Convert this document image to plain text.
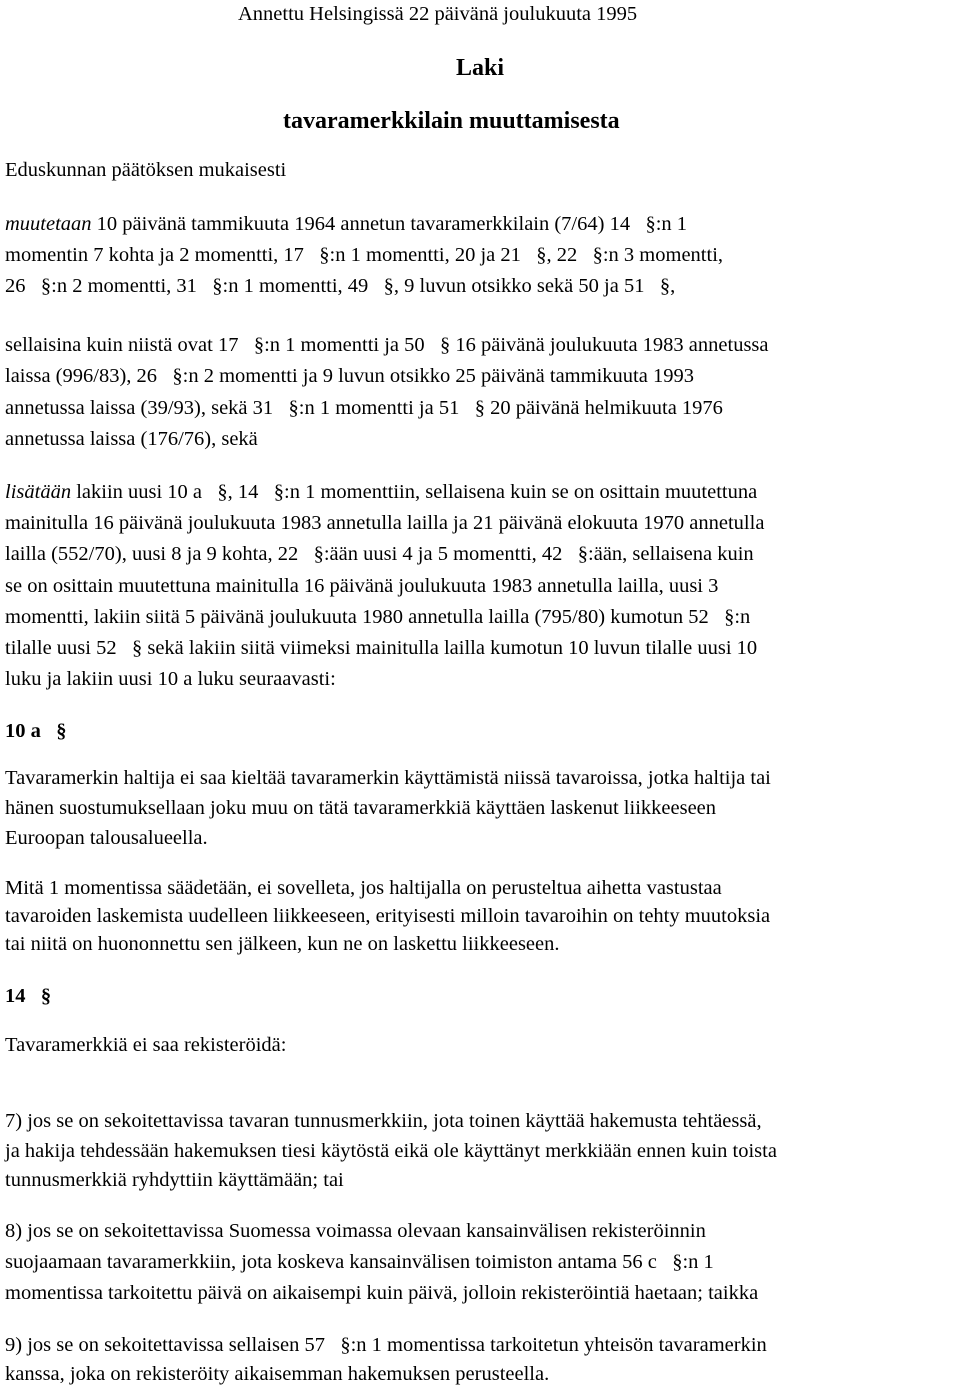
Annettu Helsingissä 22 päivänä joulukuuta 1995

Laki

tavaramerkkilain muuttamisesta

Eduskunnan päätöksen mukaisesti

muutetaan 10 päivänä tammikuuta 1964 annetun tavaramerkkilain (7/64) 14   §:n 1

momentin 7 kohta ja 2 momentti, 17   §:n 1 momentti, 20 ja 21   §, 22   §:n 3 momentti,

26   §:n 2 momentti, 31   §:n 1 momentti, 49   §, 9 luvun otsikko sekä 50 ja 51   §,

sellaisina kuin niistä ovat 17   §:n 1 momentti ja 50   § 16 päivänä joulukuuta 1983 annetussa

laissa (996/83), 26   §:n 2 momentti ja 9 luvun otsikko 25 päivänä tammikuuta 1993

annetussa laissa (39/93), sekä 31   §:n 1 momentti ja 51   § 20 päivänä helmikuuta 1976

annetussa laissa (176/76), sekä

lisätään lakiin uusi 10 a   §, 14   §:n 1 momenttiin, sellaisena kuin se on osittain muutettuna

mainitulla 16 päivänä joulukuuta 1983 annetulla lailla ja 21 päivänä elokuuta 1970 annetulla

lailla (552/70), uusi 8 ja 9 kohta, 22   §:ään uusi 4 ja 5 momentti, 42   §:ään, sellaisena kuin

se on osittain muutettuna mainitulla 16 päivänä joulukuuta 1983 annetulla lailla, uusi 3

momentti, lakiin siitä 5 päivänä joulukuuta 1980 annetulla lailla (795/80) kumotun 52   §:n

tilalle uusi 52   § sekä lakiin siitä viimeksi mainitulla lailla kumotun 10 luvun tilalle uusi 10

luku ja lakiin uusi 10 a luku seuraavasti:

10 a   §

Tavaramerkin haltija ei saa kieltää tavaramerkin käyttämistä niissä tavaroissa, jotka haltija tai

hänen suostumuksellaan joku muu on tätä tavaramerkkiä käyttäen laskenut liikkeeseen

Euroopan talousalueella.

Mitä 1 momentissa säädetään, ei sovelleta, jos haltijalla on perusteltua aihetta vastustaa

tavaroiden laskemista uudelleen liikkeeseen, erityisesti milloin tavaroihin on tehty muutoksia

tai niitä on huononnettu sen jälkeen, kun ne on laskettu liikkeeseen.

14   §

Tavaramerkkiä ei saa rekisteröidä:

7) jos se on sekoitettavissa tavaran tunnusmerkkiin, jota toinen käyttää hakemusta tehtäessä,

ja hakija tehdessään hakemuksen tiesi käytöstä eikä ole käyttänyt merkkiään ennen kuin toista

tunnusmerkkiä ryhdyttiin käyttämään; tai

8) jos se on sekoitettavissa Suomessa voimassa olevaan kansainvälisen rekisteröinnin

suojaamaan tavaramerkkiin, jota koskeva kansainvälisen toimiston antama 56 c   §:n 1

momentissa tarkoitettu päivä on aikaisempi kuin päivä, jolloin rekisteröintiä haetaan; taikka

9) jos se on sekoitettavissa sellaisen 57   §:n 1 momentissa tarkoitetun yhteisön tavaramerkin

kanssa, joka on rekisteröity aikaisemman hakemuksen perusteella.
